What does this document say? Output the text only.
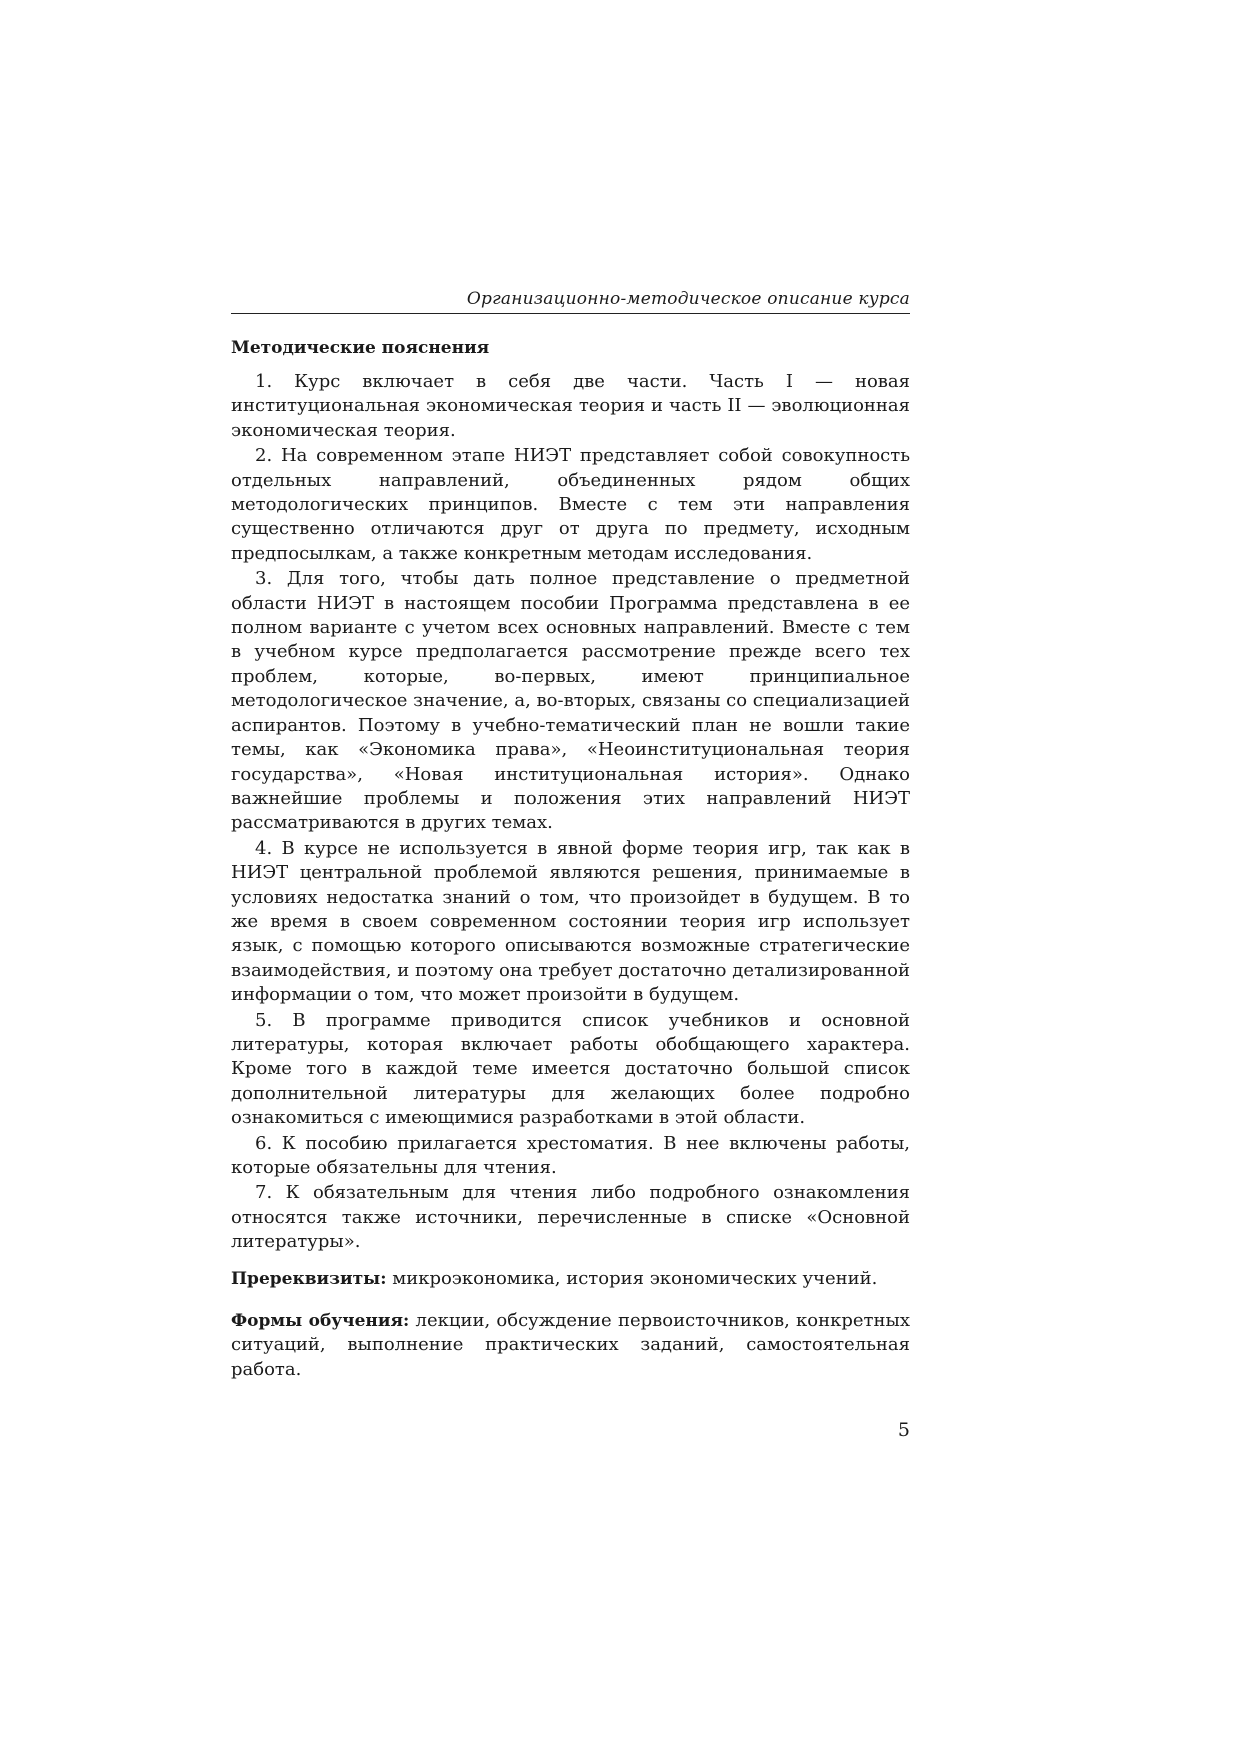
Организационно-методическое описание курса
Методические пояснения

1. Курс включает в себя две части. Часть I — новая институциональная экономическая теория и часть II — эволюционная экономическая теория.

2. На современном этапе НИЭТ представляет собой совокупность отдельных направлений, объединенных рядом общих методологических принципов. Вместе с тем эти направления существенно отличаются друг от друга по предмету, исходным предпосылкам, а также конкретным методам исследования.

3. Для того, чтобы дать полное представление о предметной области НИЭТ в настоящем пособии Программа представлена в ее полном варианте с учетом всех основных направлений. Вместе с тем в учебном курсе предполагается рассмотрение прежде всего тех проблем, которые, во-первых, имеют принципиальное методологическое значение, а, во-вторых, связаны со специализацией аспирантов. Поэтому в учебно-тематический план не вошли такие темы, как «Экономика права», «Неоинституциональная теория государства», «Новая институциональная история». Однако важнейшие проблемы и положения этих направлений НИЭТ рассматриваются в других темах.

4. В курсе не используется в явной форме теория игр, так как в НИЭТ центральной проблемой являются решения, принимаемые в условиях недостатка знаний о том, что произойдет в будущем. В то же время в своем современном состоянии теория игр использует язык, с помощью которого описываются возможные стратегические взаимодействия, и поэтому она требует достаточно детализированной информации о том, что может произойти в будущем.

5. В программе приводится список учебников и основной литературы, которая включает работы обобщающего характера. Кроме того в каждой теме имеется достаточно большой список дополнительной литературы для желающих более подробно ознакомиться с имеющимися разработками в этой области.

6. К пособию прилагается хрестоматия. В нее включены работы, которые обязательны для чтения.

7. К обязательным для чтения либо подробного ознакомления относятся также источники, перечисленные в списке «Основной литературы».

Пререквизиты: микроэкономика, история экономических учений.

Формы обучения: лекции, обсуждение первоисточников, конкретных ситуаций, выполнение практических заданий, самостоятельная работа.

5
